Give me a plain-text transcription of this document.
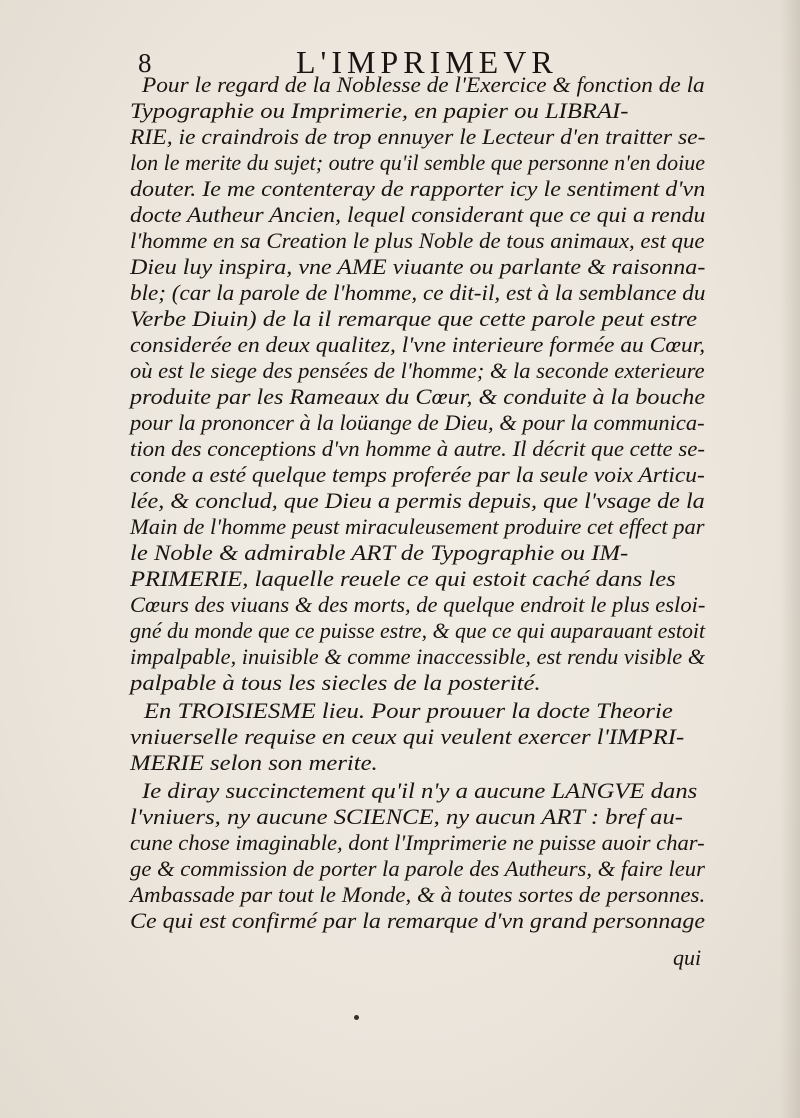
8	L'IMPRIMEVR
Pour le regard de la Noblesse de l'Exercice & fonction de la
Typographie ou Imprimerie, en papier ou LIBRAI-
RIE, ie craindrois de trop ennuyer le Lecteur d'en traitter se-
lon le merite du sujet; outre qu'il semble que personne n'en doiue
douter. Ie me contenteray de rapporter icy le sentiment d'vn
docte Autheur Ancien, lequel considerant que ce qui a rendu
l'homme en sa Creation le plus Noble de tous animaux, est que
Dieu luy inspira, vne AME viuante ou parlante & raisonna-
ble; (car la parole de l'homme, ce dit-il, est à la semblance du
Verbe Diuin) de la il remarque que cette parole peut estre
considerée en deux qualitez, l'vne interieure formée au Cœur,
où est le siege des pensées de l'homme; & la seconde exterieure
produite par les Rameaux du Cœur, & conduite à la bouche
pour la prononcer à la loüange de Dieu, & pour la communica-
tion des conceptions d'vn homme à autre. Il décrit que cette se-
conde a esté quelque temps proferée par la seule voix Articu-
lée, & conclud, que Dieu a permis depuis, que l'vsage de la
Main de l'homme peust miraculeusement produire cet effect par
le Noble & admirable ART de Typographie ou IM-
PRIMERIE, laquelle reuele ce qui estoit caché dans les
Cœurs des viuans & des morts, de quelque endroit le plus esloi-
gné du monde que ce puisse estre, & que ce qui auparauant estoit
impalpable, inuisible & comme inaccessible, est rendu visible &
palpable à tous les siecles de la posterité.
En TROISIESME lieu. Pour prouuer la docte Theorie
vniuerselle requise en ceux qui veulent exercer l'IMPRI-
MERIE selon son merite.
Ie diray succinctement qu'il n'y a aucune LANGVE dans
l'vniuers, ny aucune SCIENCE, ny aucun ART : bref au-
cune chose imaginable, dont l'Imprimerie ne puisse auoir char-
ge & commission de porter la parole des Autheurs, & faire leur
Ambassade par tout le Monde, & à toutes sortes de personnes.
Ce qui est confirmé par la remarque d'vn grand personnage
qui
